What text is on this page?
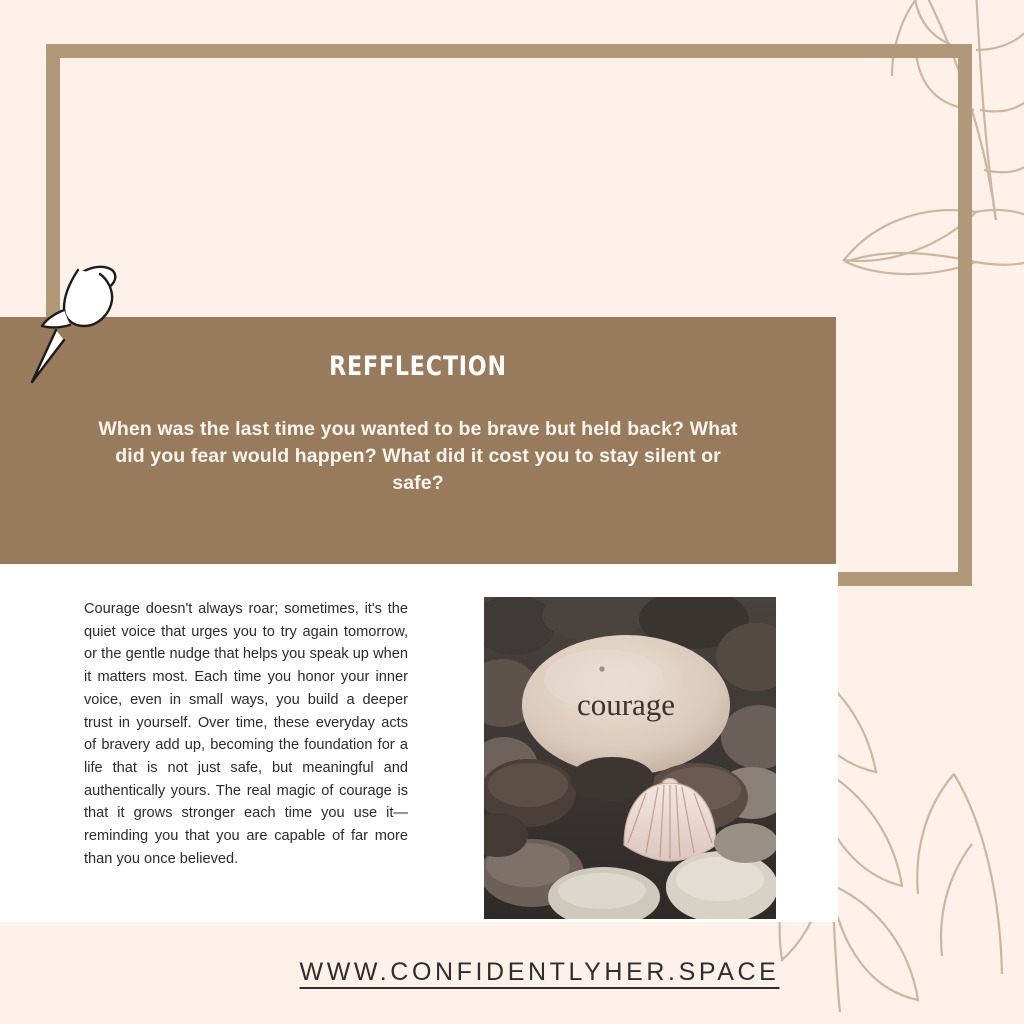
REFFLECTION
When was the last time you wanted to be brave but held back? What did you fear would happen? What did it cost you to stay silent or safe?
Courage doesn't always roar; sometimes, it's the quiet voice that urges you to try again tomorrow, or the gentle nudge that helps you speak up when it matters most. Each time you honor your inner voice, even in small ways, you build a deeper trust in yourself. Over time, these everyday acts of bravery add up, becoming the foundation for a life that is not just safe, but meaningful and authentically yours. The real magic of courage is that it grows stronger each time you use it—reminding you that you are capable of far more than you once believed.
courage
WWW.CONFIDENTLYHER.SPACE
